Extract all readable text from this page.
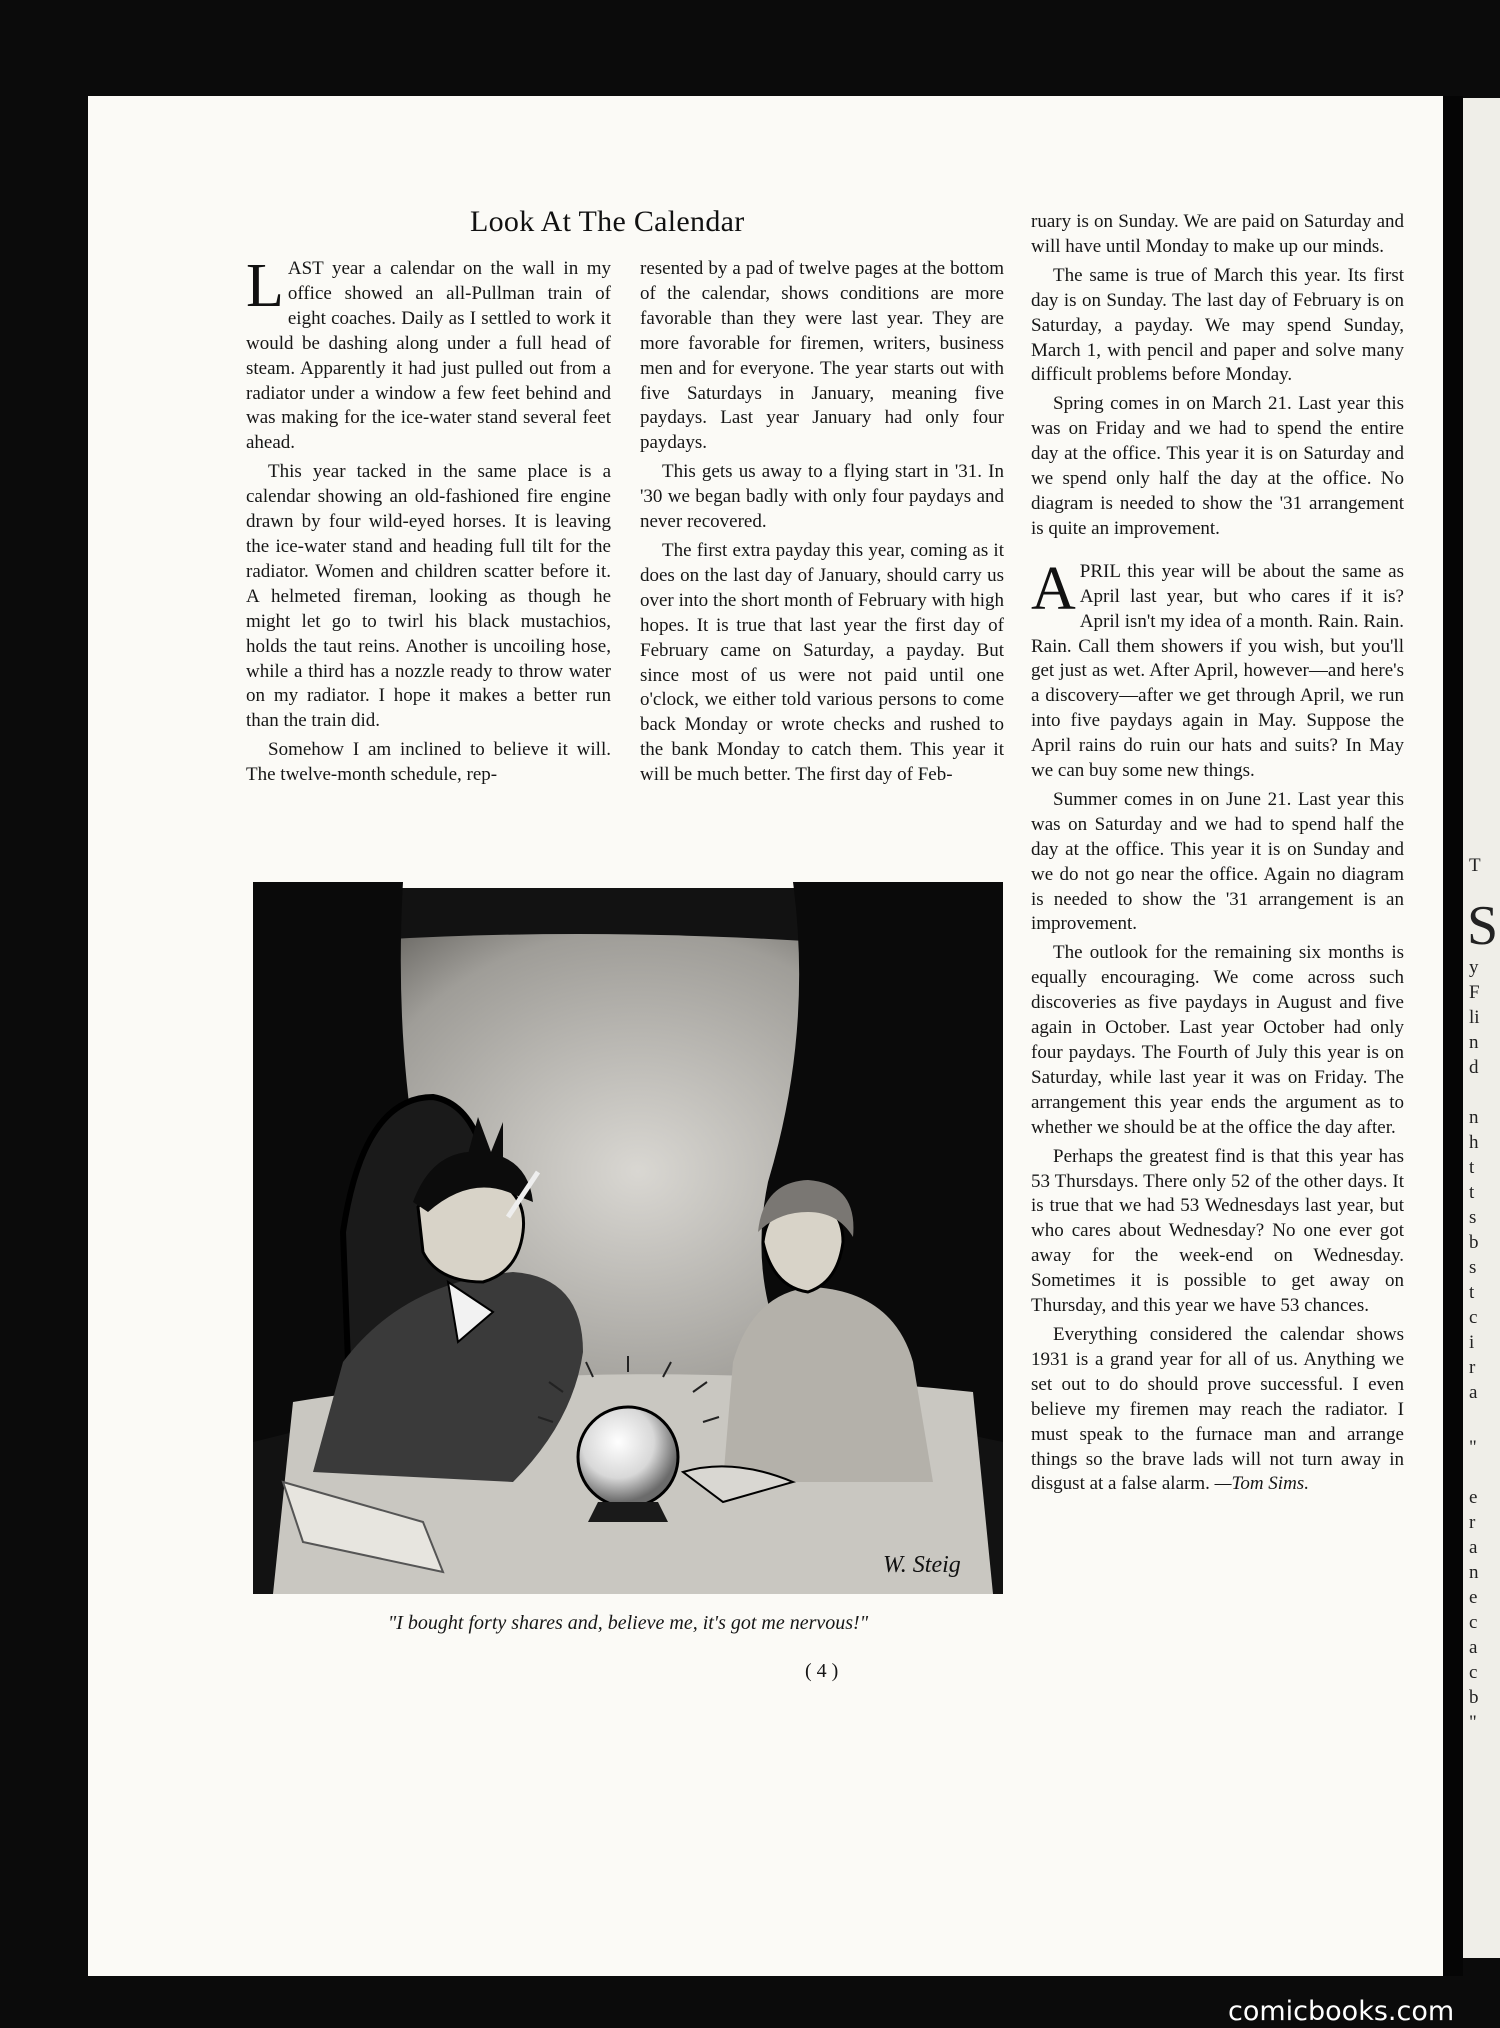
T
S
y
F
li
n
d
n
h
t
t
s
b
s
t
c
i
r
a
"
e
r
a
n
e
c
a
c
b
"
Look At The Calendar

LAST year a calendar on the wall in my office showed an all-Pullman train of eight coaches. Daily as I settled to work it would be dashing along under a full head of steam. Apparently it had just pulled out from a radiator under a window a few feet behind and was making for the ice-water stand several feet ahead.

This year tacked in the same place is a calendar showing an old-fashioned fire engine drawn by four wild-eyed horses. It is leaving the ice-water stand and heading full tilt for the radiator. Women and children scatter before it. A helmeted fireman, looking as though he might let go to twirl his black mustachios, holds the taut reins. Another is uncoiling hose, while a third has a nozzle ready to throw water on my radiator. I hope it makes a better run than the train did.

Somehow I am inclined to believe it will. The twelve-month schedule, rep-

resented by a pad of twelve pages at the bottom of the calendar, shows conditions are more favorable than they were last year. They are more favorable for firemen, writers, business men and for everyone. The year starts out with five Saturdays in January, meaning five paydays. Last year January had only four paydays.

This gets us away to a flying start in '31. In '30 we began badly with only four paydays and never recovered.

The first extra payday this year, coming as it does on the last day of January, should carry us over into the short month of February with high hopes. It is true that last year the first day of February came on Saturday, a payday. But since most of us were not paid until one o'clock, we either told various persons to come back Monday or wrote checks and rushed to the bank Monday to catch them. This year it will be much better. The first day of Feb-

ruary is on Sunday. We are paid on Saturday and will have until Monday to make up our minds.

The same is true of March this year. Its first day is on Sunday. The last day of February is on Saturday, a payday. We may spend Sunday, March 1, with pencil and paper and solve many difficult problems before Monday.

Spring comes in on March 21. Last year this was on Friday and we had to spend the entire day at the office. This year it is on Saturday and we spend only half the day at the office. No diagram is needed to show the '31 arrangement is quite an improvement.

APRIL this year will be about the same as April last year, but who cares if it is? April isn't my idea of a month. Rain. Rain. Rain. Call them showers if you wish, but you'll get just as wet. After April, however—and here's a discovery—after we get through April, we run into five paydays again in May. Suppose the April rains do ruin our hats and suits? In May we can buy some new things.

Summer comes in on June 21. Last year this was on Saturday and we had to spend half the day at the office. This year it is on Sunday and we do not go near the office. Again no diagram is needed to show the '31 arrangement is an improvement.

The outlook for the remaining six months is equally encouraging. We come across such discoveries as five paydays in August and five again in October. Last year October had only four paydays. The Fourth of July this year is on Saturday, while last year it was on Friday. The arrangement this year ends the argument as to whether we should be at the office the day after.

Perhaps the greatest find is that this year has 53 Thursdays. There only 52 of the other days. It is true that we had 53 Wednesdays last year, but who cares about Wednesday? No one ever got away for the week-end on Wednesday. Sometimes it is possible to get away on Thursday, and this year we have 53 chances.

Everything considered the calendar shows 1931 is a grand year for all of us. Anything we set out to do should prove successful. I even believe my firemen may reach the radiator. I must speak to the furnace man and arrange things so the brave lads will not turn away in disgust at a false alarm. —Tom Sims.

W. Steig
"I bought forty shares and, believe me, it's got me nervous!"
( 4 )
comicbooks.com
